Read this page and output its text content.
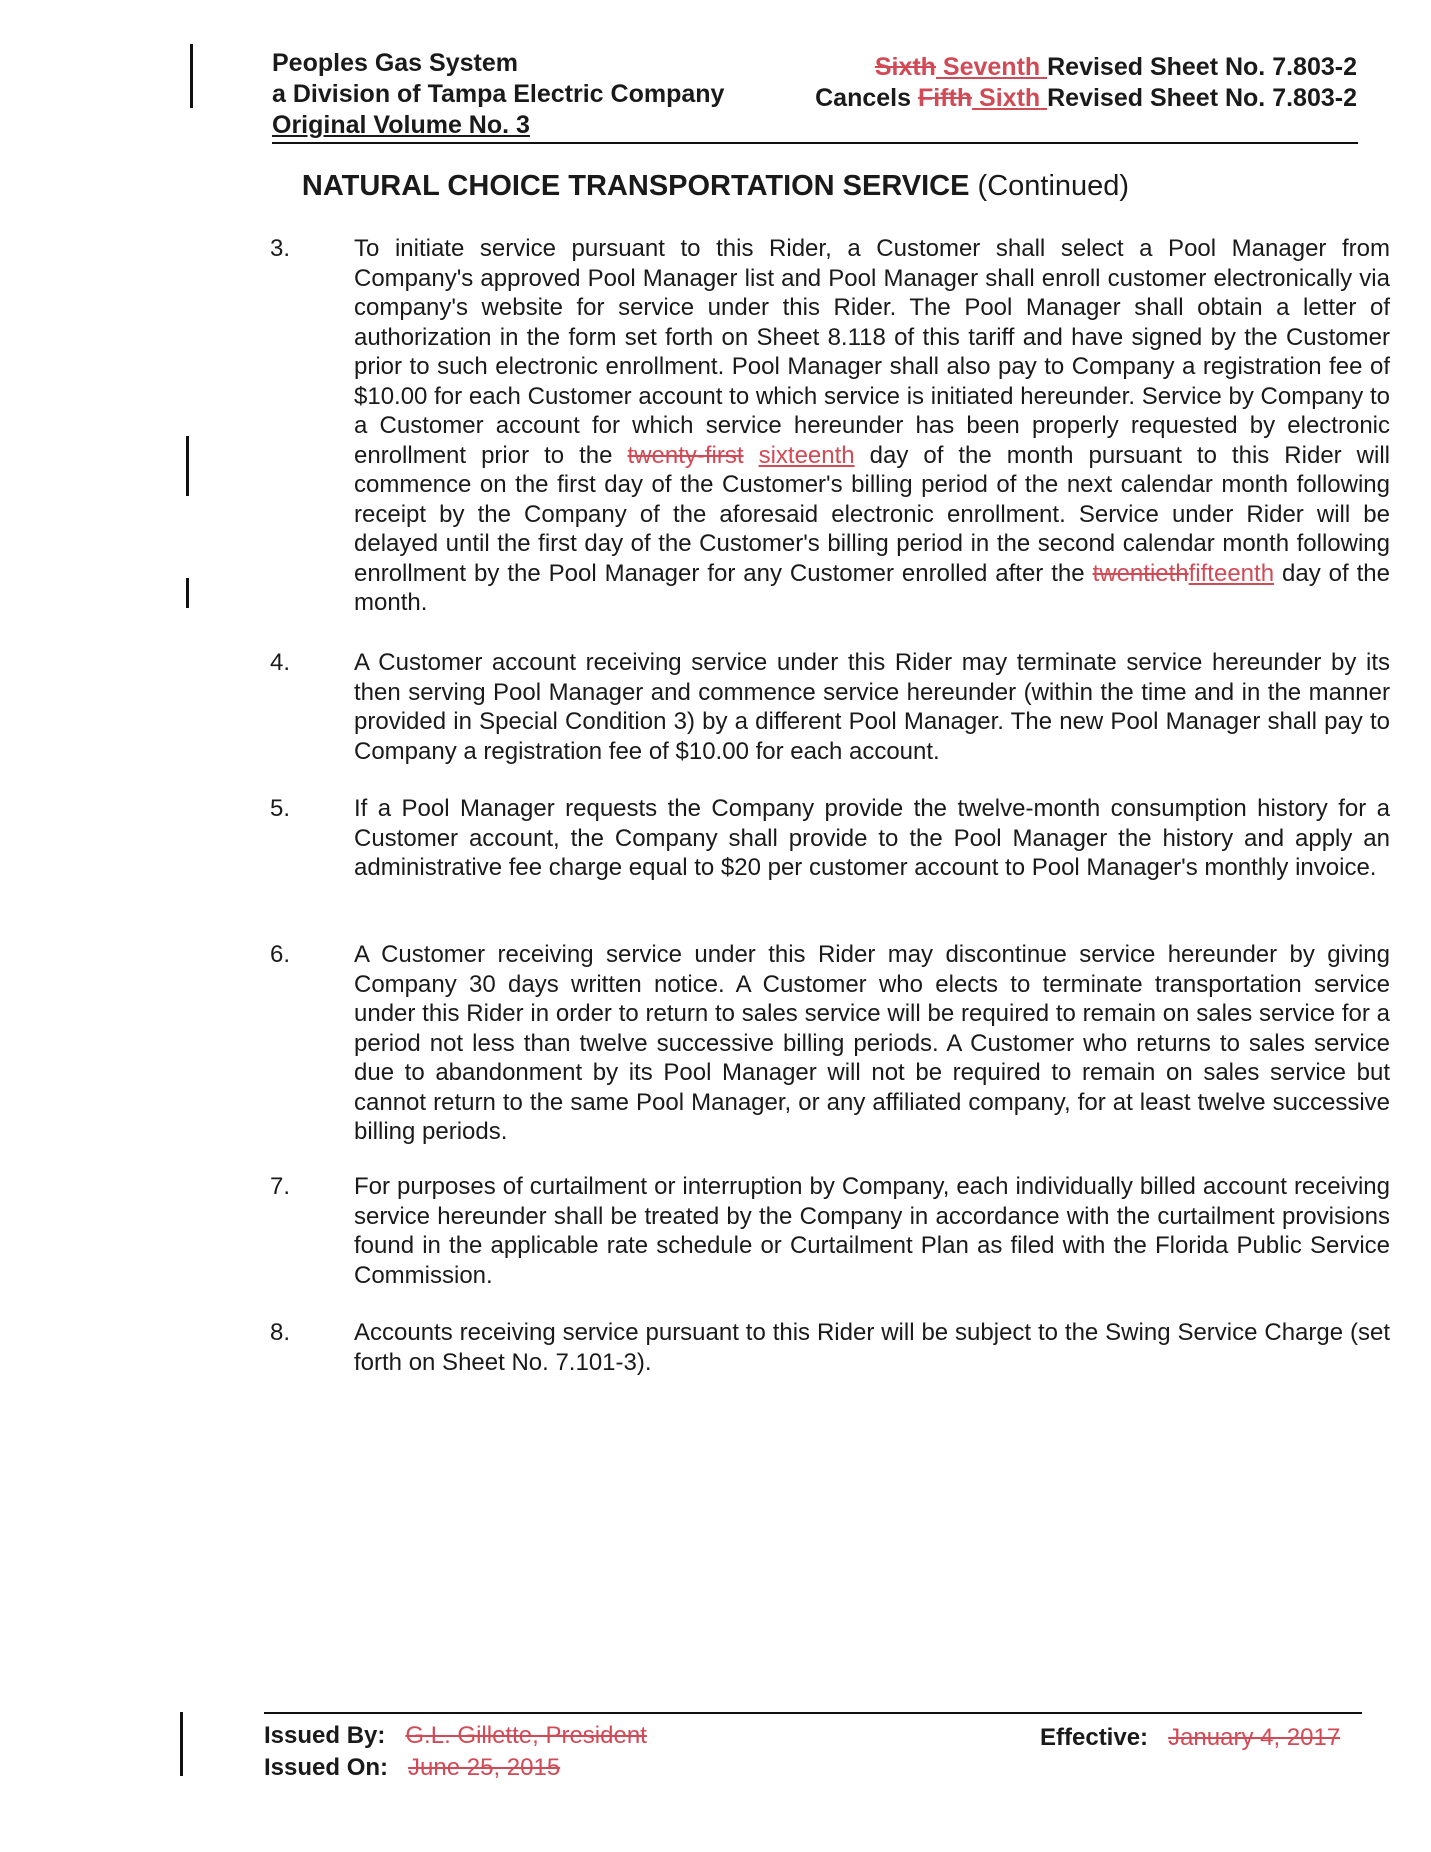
Peoples Gas System
a Division of Tampa Electric Company
Original Volume No. 3
Sixth Seventh Revised Sheet No. 7.803-2
Cancels Fifth Sixth Revised Sheet No. 7.803-2
NATURAL CHOICE TRANSPORTATION SERVICE (Continued)
3.	To initiate service pursuant to this Rider, a Customer shall select a Pool Manager from Company's approved Pool Manager list and Pool Manager shall enroll customer electronically via company's website for service under this Rider. The Pool Manager shall obtain a letter of authorization in the form set forth on Sheet 8.118 of this tariff and have signed by the Customer prior to such electronic enrollment. Pool Manager shall also pay to Company a registration fee of $10.00 for each Customer account to which service is initiated hereunder. Service by Company to a Customer account for which service hereunder has been properly requested by electronic enrollment prior to the twenty-first sixteenth day of the month pursuant to this Rider will commence on the first day of the Customer's billing period of the next calendar month following receipt by the Company of the aforesaid electronic enrollment. Service under Rider will be delayed until the first day of the Customer's billing period in the second calendar month following enrollment by the Pool Manager for any Customer enrolled after the twentiethfifteenth day of the month.
4.	A Customer account receiving service under this Rider may terminate service hereunder by its then serving Pool Manager and commence service hereunder (within the time and in the manner provided in Special Condition 3) by a different Pool Manager. The new Pool Manager shall pay to Company a registration fee of $10.00 for each account.
5.	If a Pool Manager requests the Company provide the twelve-month consumption history for a Customer account, the Company shall provide to the Pool Manager the history and apply an administrative fee charge equal to $20 per customer account to Pool Manager's monthly invoice.
6.	A Customer receiving service under this Rider may discontinue service hereunder by giving Company 30 days written notice. A Customer who elects to terminate transportation service under this Rider in order to return to sales service will be required to remain on sales service for a period not less than twelve successive billing periods. A Customer who returns to sales service due to abandonment by its Pool Manager will not be required to remain on sales service but cannot return to the same Pool Manager, or any affiliated company, for at least twelve successive billing periods.
7.	For purposes of curtailment or interruption by Company, each individually billed account receiving service hereunder shall be treated by the Company in accordance with the curtailment provisions found in the applicable rate schedule or Curtailment Plan as filed with the Florida Public Service Commission.
8.	Accounts receiving service pursuant to this Rider will be subject to the Swing Service Charge (set forth on Sheet No. 7.101-3).
Issued By: G.L. Gillette, President
Issued On: June 25, 2015
Effective: January 4, 2017
